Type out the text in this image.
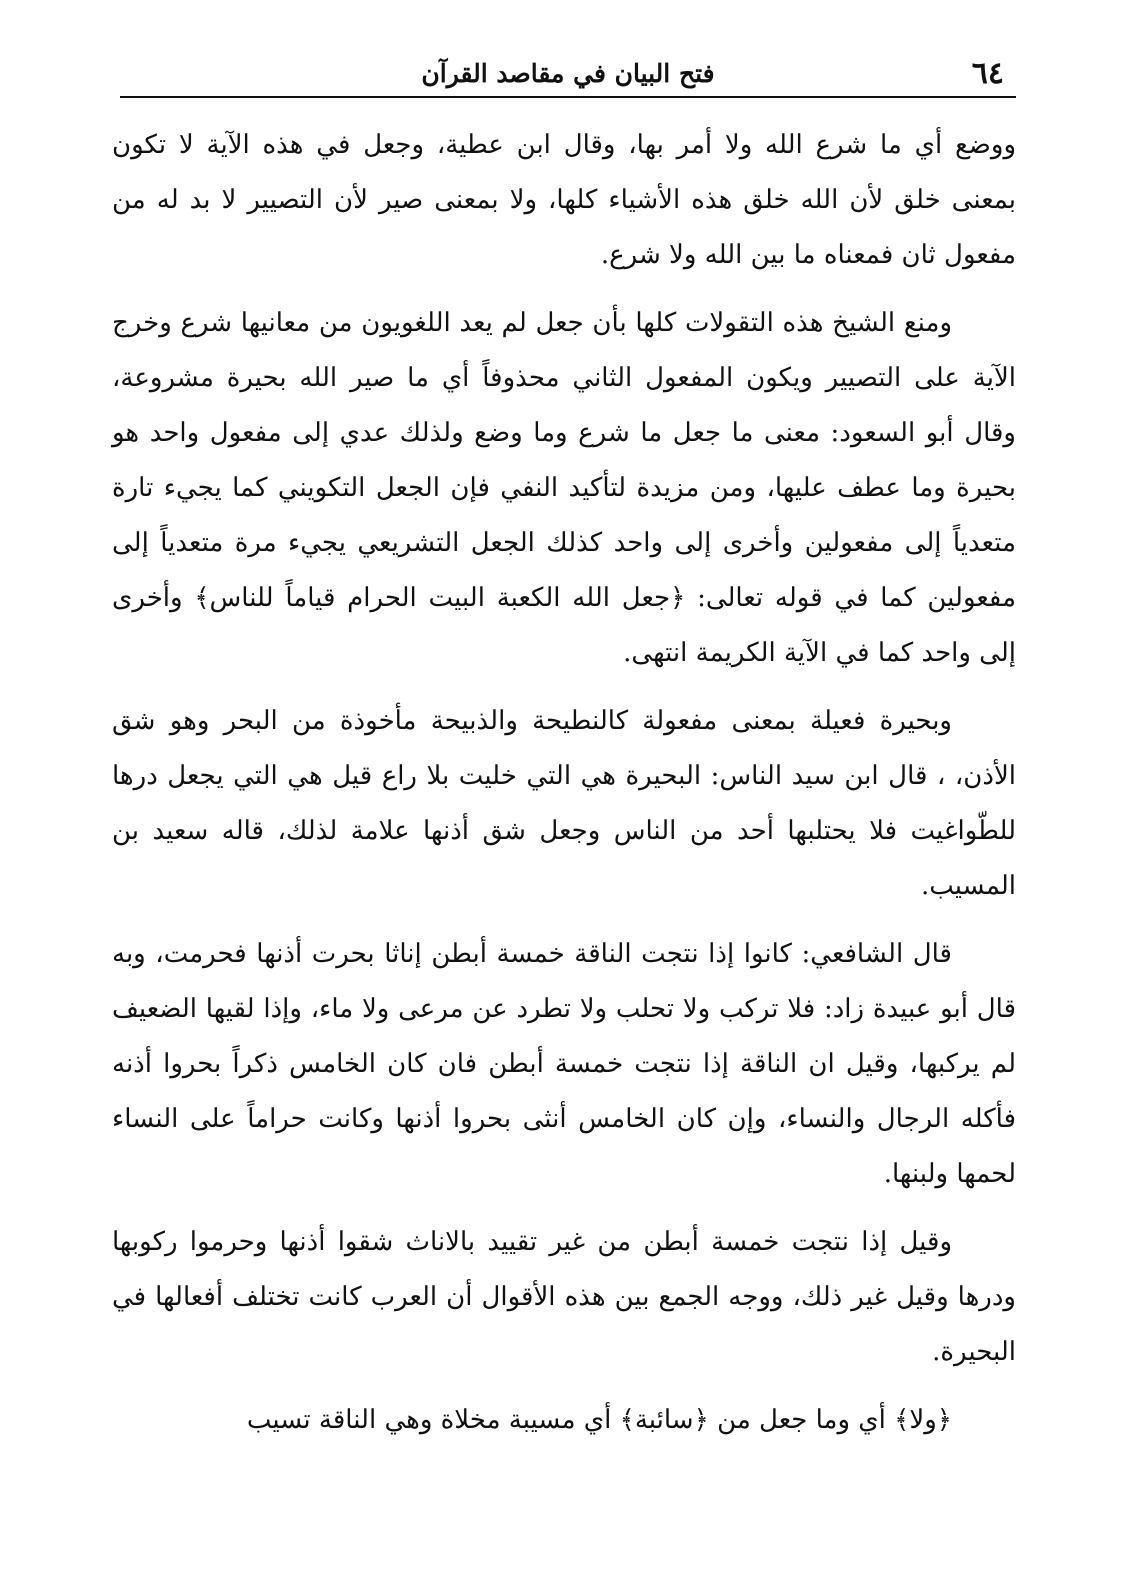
٦٤
فتح البيان في مقاصد القرآن

ووضع أي ما شرع الله ولا أمر بها، وقال ابن عطية، وجعل في هذه الآية لا تكون بمعنى خلق لأن الله خلق هذه الأشياء كلها، ولا بمعنى صير لأن التصيير لا بد له من مفعول ثان فمعناه ما بين الله ولا شرع.

ومنع الشيخ هذه التقولات كلها بأن جعل لم يعد اللغويون من معانيها شرع وخرج الآية على التصيير ويكون المفعول الثاني محذوفاً أي ما صير الله بحيرة مشروعة، وقال أبو السعود: معنى ما جعل ما شرع وما وضع ولذلك عدي إلى مفعول واحد هو بحيرة وما عطف عليها، ومن مزيدة لتأكيد النفي فإن الجعل التكويني كما يجيء تارة متعدياً إلى مفعولين وأخرى إلى واحد كذلك الجعل التشريعي يجيء مرة متعدياً إلى مفعولين كما في قوله تعالى: ﴿جعل الله الكعبة البيت الحرام قياماً للناس﴾ وأخرى إلى واحد كما في الآية الكريمة انتهى.

وبحيرة فعيلة بمعنى مفعولة كالنطيحة والذبيحة مأخوذة من البحر وهو شق الأذن، ، قال ابن سيد الناس: البحيرة هي التي خليت بلا راع قيل هي التي يجعل درها للطّواغيت فلا يحتلبها أحد من الناس وجعل شق أذنها علامة لذلك، قاله سعيد بن المسيب.

قال الشافعي: كانوا إذا نتجت الناقة خمسة أبطن إناثا بحرت أذنها فحرمت، وبه قال أبو عبيدة زاد: فلا تركب ولا تحلب ولا تطرد عن مرعى ولا ماء، وإذا لقيها الضعيف لم يركبها، وقيل ان الناقة إذا نتجت خمسة أبطن فان كان الخامس ذكراً بحروا أذنه فأكله الرجال والنساء، وإن كان الخامس أنثى بحروا أذنها وكانت حراماً على النساء لحمها ولبنها.

وقيل إذا نتجت خمسة أبطن من غير تقييد بالاناث شقوا أذنها وحرموا ركوبها ودرها وقيل غير ذلك، ووجه الجمع بين هذه الأقوال أن العرب كانت تختلف أفعالها في البحيرة.

﴿ولا﴾ أي وما جعل من ﴿سائبة﴾ أي مسيبة مخلاة وهي الناقة تسيب
